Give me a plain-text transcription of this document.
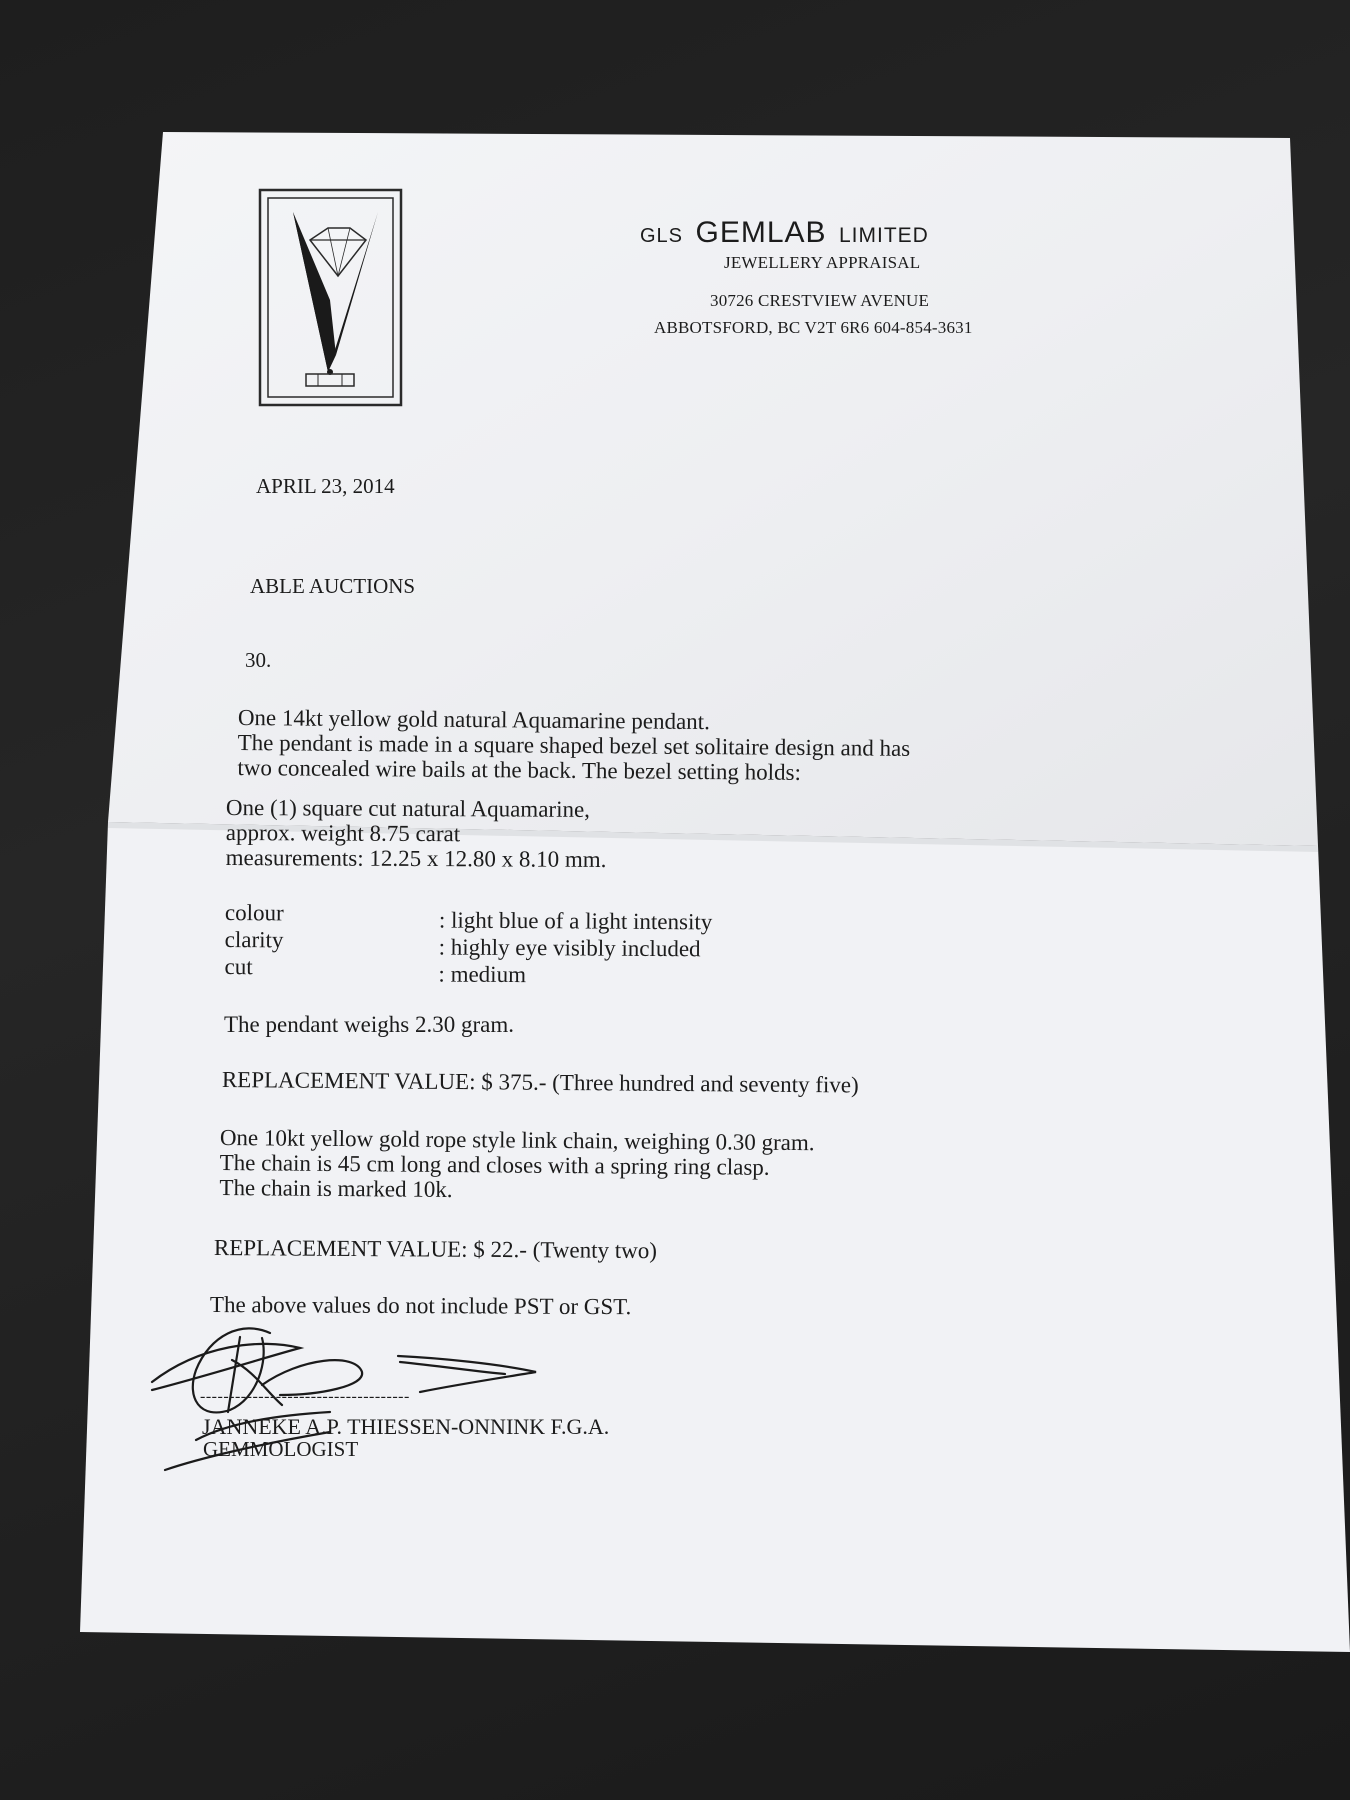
GLS GEMLAB LIMITED
JEWELLERY APPRAISAL
30726 CRESTVIEW AVENUE
ABBOTSFORD, BC V2T 6R6 604-854-3631
APRIL 23, 2014
ABLE AUCTIONS
30.
One 14kt yellow gold natural Aquamarine pendant.
The pendant is made in a square shaped bezel set solitaire design and has
two concealed wire bails at the back. The bezel setting holds:
One (1) square cut natural Aquamarine,
approx. weight 8.75 carat
measurements: 12.25 x 12.80 x 8.10 mm.
colour	: light blue of a light intensity
clarity	: highly eye visibly included
cut	: medium
The pendant weighs 2.30 gram.
REPLACEMENT VALUE: $ 375.- (Three hundred and seventy five)
One 10kt yellow gold rope style link chain, weighing 0.30 gram.
The chain is 45 cm long and closes with a spring ring clasp.
The chain is marked 10k.
REPLACEMENT VALUE: $ 22.- (Twenty two)
The above values do not include PST or GST.
------------------------------------
JANNEKE A.P. THIESSEN-ONNINK F.G.A.
GEMMOLOGIST
